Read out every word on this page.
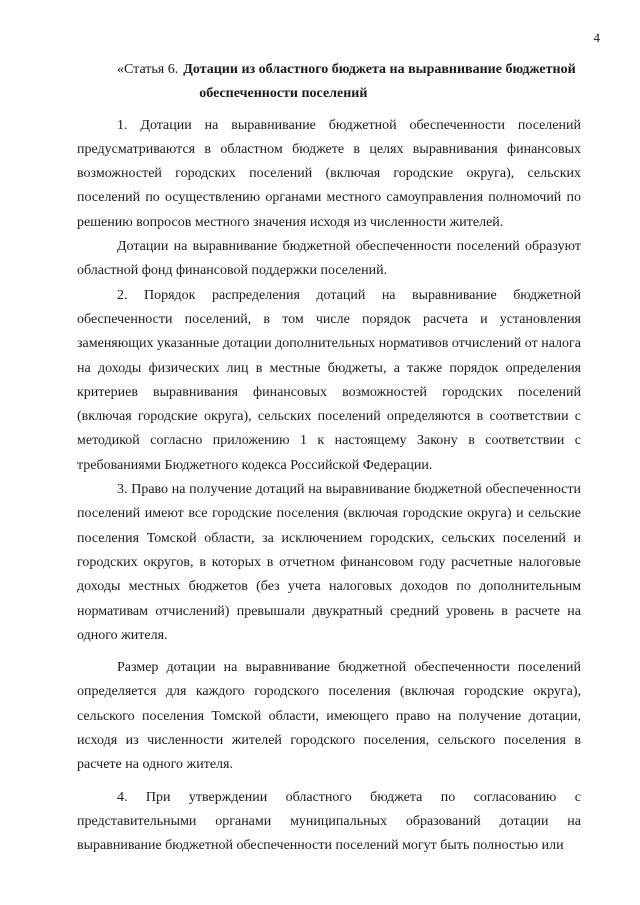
4
«Статья 6. Дотации из областного бюджета на выравнивание бюджетной
обеспеченности поселений

1. Дотации на выравнивание бюджетной обеспеченности поселений предусматриваются в областном бюджете в целях выравнивания финансовых возможностей городских поселений (включая городские округа), сельских поселений по осуществлению органами местного самоуправления полномочий по решению вопросов местного значения исходя из численности жителей.

Дотации на выравнивание бюджетной обеспеченности поселений образуют областной фонд финансовой поддержки поселений.

2. Порядок распределения дотаций на выравнивание бюджетной обеспеченности поселений, в том числе порядок расчета и установления заменяющих указанные дотации дополнительных нормативов отчислений от налога на доходы физических лиц в местные бюджеты, а также порядок определения критериев выравнивания финансовых возможностей городских поселений (включая городские округа), сельских поселений определяются в соответствии с методикой согласно приложению 1 к настоящему Закону в соответствии с требованиями Бюджетного кодекса Российской Федерации.

3. Право на получение дотаций на выравнивание бюджетной обеспеченности поселений имеют все городские поселения (включая городские округа) и сельские поселения Томской области, за исключением городских, сельских поселений и городских округов, в которых в отчетном финансовом году расчетные налоговые доходы местных бюджетов (без учета налоговых доходов по дополнительным нормативам отчислений) превышали двукратный средний уровень в расчете на одного жителя.

Размер дотации на выравнивание бюджетной обеспеченности поселений определяется для каждого городского поселения (включая городские округа), сельского поселения Томской области, имеющего право на получение дотации, исходя из численности жителей городского поселения, сельского поселения в расчете на одного жителя.

4. При утверждении областного бюджета по согласованию с представительными органами муниципальных образований дотации на выравнивание бюджетной обеспеченности поселений могут быть полностью или
